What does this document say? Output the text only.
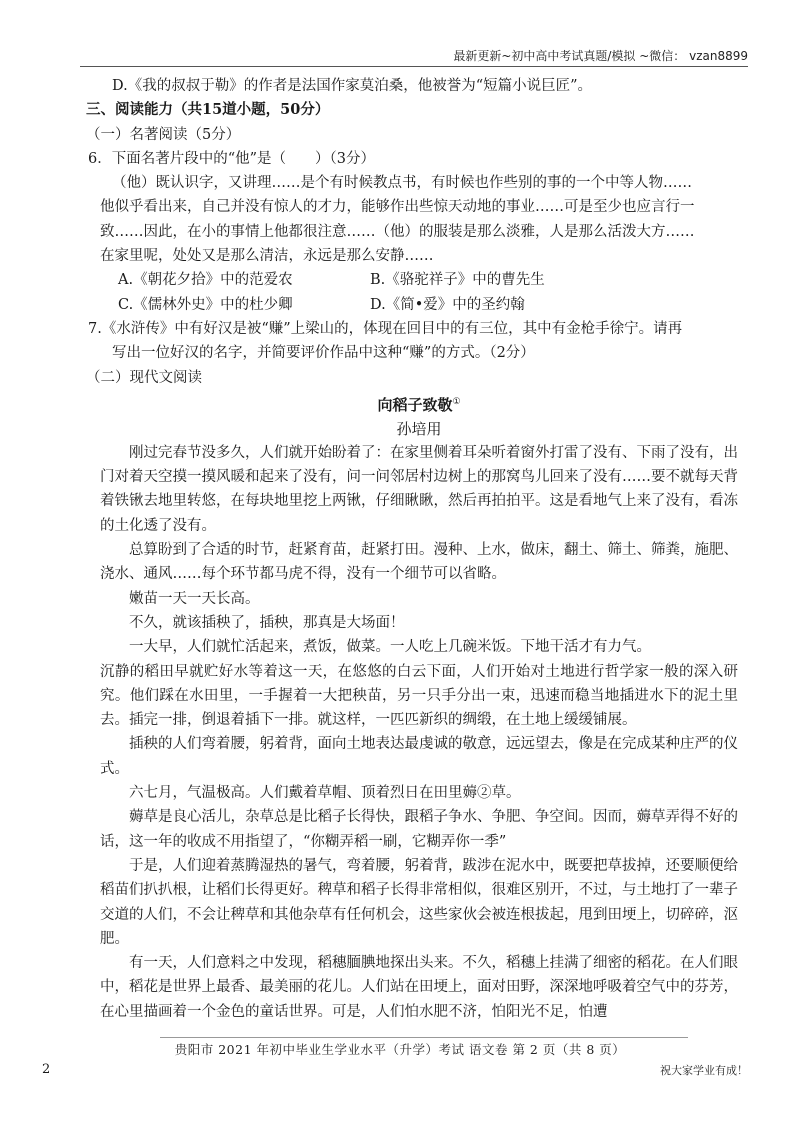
最新更新~初中高中考试真题/模拟 ~微信： vzan8899
D.《我的叔叔于勒》的作者是法国作家莫泊桑，他被誉为“短篇小说巨匠”。
三、阅读能力（共15道小题，50分）
（一）名著阅读（5分）
6．下面名著片段中的“他”是（　　）（3分）
（他）既认识字，又讲理……是个有时候教点书，有时候也作些别的事的一个中等人物……
他似乎看出来，自己并没有惊人的才力，能够作出些惊天动地的事业……可是至少也应言行一
致……因此，在小的事情上他都很注意……（他）的服装是那么淡雅，人是那么活泼大方……
在家里呢，处处又是那么清洁，永远是那么安静……
A.《朝花夕拾》中的范爱农	B.《骆驼祥子》中的曹先生
C.《儒林外史》中的杜少卿	D.《简•爱》中的圣约翰
7.《水浒传》中有好汉是被“赚”上梁山的，体现在回目中的有三位，其中有金枪手徐宁。请再
写出一位好汉的名字，并简要评价作品中这种“赚”的方式。（2分）
（二）现代文阅读
向稻子致敬①
孙培用

刚过完春节没多久，人们就开始盼着了：在家里侧着耳朵听着窗外打雷了没有、下雨了没有，出门对着天空摸一摸风暖和起来了没有，问一问邻居村边树上的那窝鸟儿回来了没有……要不就每天背着铁锹去地里转悠，在每块地里挖上两锹，仔细瞅瞅，然后再拍拍平。这是看地气上来了没有，看冻的土化透了没有。

总算盼到了合适的时节，赶紧育苗，赶紧打田。漫种、上水，做床，翻土、筛土、筛粪，施肥、浇水、通风……每个环节都马虎不得，没有一个细节可以省略。

嫩苗一天一天长高。

不久，就该插秧了，插秧，那真是大场面！

一大早，人们就忙活起来，煮饭，做菜。一人吃上几碗米饭。下地干活才有力气。

沉静的稻田早就贮好水等着这一天，在悠悠的白云下面，人们开始对土地进行哲学家一般的深入研究。他们踩在水田里，一手握着一大把秧苗，另一只手分出一束，迅速而稳当地插进水下的泥土里去。插完一排，倒退着插下一排。就这样，一匹匹新织的绸缎，在土地上缓缓铺展。

插秧的人们弯着腰，躬着背，面向土地表达最虔诚的敬意，远远望去，像是在完成某种庄严的仪式。

六七月，气温极高。人们戴着草帽、顶着烈日在田里薅②草。

薅草是良心活儿，杂草总是比稻子长得快，跟稻子争水、争肥、争空间。因而，薅草弄得不好的话，这一年的收成不用指望了，“你糊弄稻一刷，它糊弄你一季”

于是，人们迎着蒸腾湿热的暑气，弯着腰，躬着背，跋涉在泥水中，既要把草拔掉，还要顺便给稻苗们扒扒根，让稻们长得更好。稗草和稻子长得非常相似，很难区别开，不过，与土地打了一辈子交道的人们，不会让稗草和其他杂草有任何机会，这些家伙会被连根拔起，甩到田埂上，切碎碎，沤肥。

有一天，人们意料之中发现，稻穗腼腆地探出头来。不久，稻穗上挂满了细密的稻花。在人们眼中，稻花是世界上最香、最美丽的花儿。人们站在田埂上，面对田野，深深地呼吸着空气中的芬芳，在心里描画着一个金色的童话世界。可是，人们怕水肥不济，怕阳光不足，怕遭

贵阳市 2021 年初中毕业生学业水平（升学）考试 语文卷 第 2 页（共 8 页）
2	祝大家学业有成！
